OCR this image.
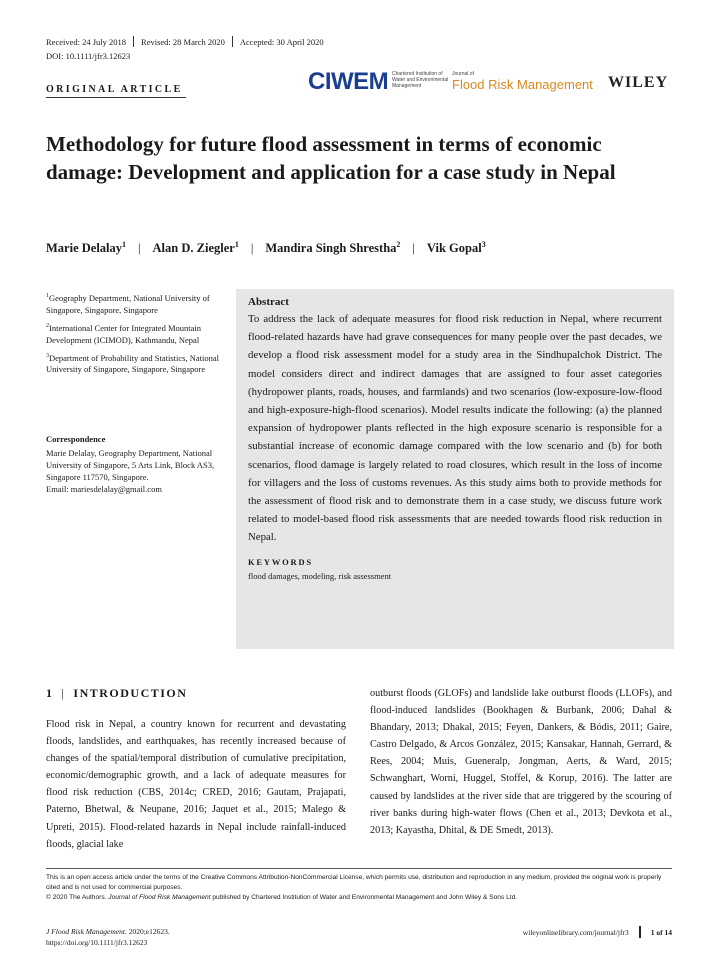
Received: 24 July 2018 Revised: 28 March 2020 Accepted: 30 April 2020
DOI: 10.1111/jfr3.12623
ORIGINAL ARTICLE	CIWEM Chartered Institution of Water and Environmental Management
Journal of
Flood Risk Management WILEY
Methodology for future flood assessment in terms of economic damage: Development and application for a case study in Nepal
Marie Delalay$^1$ | Alan D. Ziegler$^1$ | Mandira Singh Shrestha$^2$ | Vik Gopal$^3$

$^1$Geography Department, National University of Singapore, Singapore, Singapore

$^2$International Center for Integrated Mountain Development (ICIMOD), Kathmandu, Nepal

$^3$Department of Probability and Statistics, National University of Singapore, Singapore, Singapore

Correspondence
Marie Delalay, Geography Department, National University of Singapore, 5 Arts Link, Block AS3, Singapore 117570, Singapore.
Email: mariesdelalay@gmail.com
Abstract
To address the lack of adequate measures for flood risk reduction in Nepal, where recurrent flood-related hazards have had grave consequences for many people over the past decades, we develop a flood risk assessment model for a study area in the Sindhupalchok District. The model considers direct and indirect damages that are assigned to four asset categories (hydropower plants, roads, houses, and farmlands) and two scenarios (low-exposure-low-flood and high-exposure-high-flood scenarios). Model results indicate the following: (a) the planned expansion of hydropower plants reflected in the high exposure scenario is responsible for a substantial increase of economic damage compared with the low scenario and (b) for both scenarios, flood damage is largely related to road closures, which result in the loss of income for villagers and the loss of customs revenues. As this study aims both to provide methods for the assessment of flood risk and to demonstrate them in a case study, we discuss future work related to model-based flood risk assessments that are needed towards flood risk reduction in Nepal.
KEYWORDS
flood damages, modeling, risk assessment
1 | INTRODUCTION
Flood risk in Nepal, a country known for recurrent and devastating floods, landslides, and earthquakes, has recently increased because of changes of the spatial/temporal distribution of cumulative precipitation, economic/demographic growth, and a lack of adequate measures for flood risk reduction (CBS, 2014c; CRED, 2016; Gautam, Prajapati, Paterno, Bhetwal, & Neupane, 2016; Jaquet et al., 2015; Malego & Upreti, 2015). Flood-related hazards in Nepal include rainfall-induced floods, glacial lake
outburst floods (GLOFs) and landslide lake outburst floods (LLOFs), and flood-induced landslides (Bookhagen & Burbank, 2006; Dahal & Bhandary, 2013; Dhakal, 2015; Feyen, Dankers, & Bódis, 2011; Gaire, Castro Delgado, & Arcos González, 2015; Kansakar, Hannah, Gerrard, & Rees, 2004; Muis, Gueneralp, Jongman, Aerts, & Ward, 2015; Schwanghart, Worni, Huggel, Stoffel, & Korup, 2016). The latter are caused by landslides at the river side that are triggered by the scouring of river banks during high-water flows (Chen et al., 2013; Devkota et al., 2013; Kayastha, Dhital, & DE Smedt, 2013).
This is an open access article under the terms of the Creative Commons Attribution-NonCommercial License, which permits use, distribution and reproduction in any medium, provided the original work is properly cited and is not used for commercial purposes.
© 2020 The Authors. Journal of Flood Risk Management published by Chartered Institution of Water and Environmental Management and John Wiley & Sons Ltd.
J Flood Risk Management. 2020;e12623.
https://doi.org/10.1111/jfr3.12623
wileyonlinelibrary.com/journal/jfr3	1 of 14
